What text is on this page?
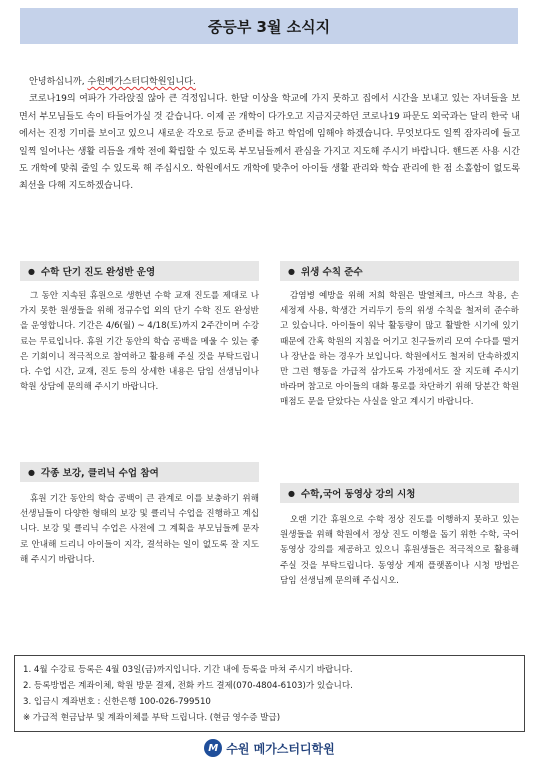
중등부 3월 소식지

안녕하십니까, 수원메가스터디학원입니다.

코로나19의 여파가 가라앉질 않아 큰 걱정입니다. 한달 이상을 학교에 가지 못하고 집에서 시간을 보내고 있는 자녀들을 보면서 부모님들도 속이 타들어가실 것 같습니다. 이제 곧 개학이 다가오고 지금지긋하던 코로나19 파문도 외국과는 달리 한국 내에서는 진정 기미를 보이고 있으니 새로운 각오로 등교 준비를 하고 학업에 임해야 하겠습니다. 무엇보다도 일찍 잠자리에 들고 일찍 일어나는 생활 리듬을 개학 전에 확립할 수 있도록 부모님들께서 관심을 가지고 지도해 주시기 바랍니다. 핸드폰 사용 시간도 개학에 맞춰 줄일 수 있도록 해 주십시오. 학원에서도 개학에 맞추어 아이들 생활 관리와 학습 관리에 한 점 소홀함이 없도록 최선을 다해 지도하겠습니다.

● 수학 단기 진도 완성반 운영

그 동안 지속된 휴원으로 생한년 수학 교재 진도를 제대로 나가지 못한 원생들을 위해 정규수업 외의 단기 수학 진도 완성반을 운영합니다. 기간은 4/6(월) ~ 4/18(토)까지 2주간이며 수강료는 무료입니다. 휴원 기간 동안의 학습 공백을 메울 수 있는 좋은 기회이니 적극적으로 참여하고 활용해 주실 것을 부탁드립니다. 수업 시간, 교재, 진도 등의 상세한 내용은 담임 선생님이나 학원 상담에 문의해 주시기 바랍니다.

● 각종 보강, 클리닉 수업 참여

휴원 기간 동안의 학습 공백이 큰 관계로 이를 보충하기 위해 선생님들이 다양한 형태의 보강 및 클리닉 수업을 진행하고 계십니다. 보강 및 클리닉 수업은 사전에 그 계획을 부모님들께 문자로 안내해 드리니 아이들이 지각, 결석하는 일이 없도록 잘 지도해 주시기 바랍니다.

● 위생 수칙 준수

감염병 예방을 위해 저희 학원은 발열체크, 마스크 착용, 손 세정제 사용, 학생간 거리두기 등의 위생 수칙을 철저히 준수하고 있습니다. 아이들이 워낙 활동량이 많고 활발한 시기에 있기 때문에 간혹 학원의 지침을 어기고 친구들끼리 모여 수다를 떨거나 장난을 하는 경우가 보입니다. 학원에서도 철저히 단속하겠지만 그런 행동을 가급적 삼가도록 가정에서도 잘 지도해 주시기 바라며 참고로 아이들의 대화 통로를 차단하기 위해 당분간 학원 매점도 문을 닫았다는 사실을 알고 계시기 바랍니다.

● 수학,국어 동영상 강의 시청

오랜 기간 휴원으로 수학 정상 진도를 이행하지 못하고 있는 원생들을 위해 학원에서 정상 진도 이행을 돕기 위한 수학, 국어 동영상 강의를 제공하고 있으니 휴원생들은 적극적으로 활용해 주실 것을 부탁드립니다. 동영상 게재 플랫폼이나 시청 방법은 담임 선생님께 문의해 주십시오.

1. 4월 수강료 등록은 4월 03일(금)까지입니다. 기간 내에 등록을 마쳐 주시기 바랍니다.
2. 등록방법은 계좌이체, 학원 방문 결제, 전화 카드 결제(070-4804-6103)가 있습니다.
3. 입금시 계좌번호 : 신한은행 100-026-799510
※ 가급적 현금납부 및 계좌이체를 부탁 드립니다. (현금 영수증 발급)
M 수원 메가스터디학원
